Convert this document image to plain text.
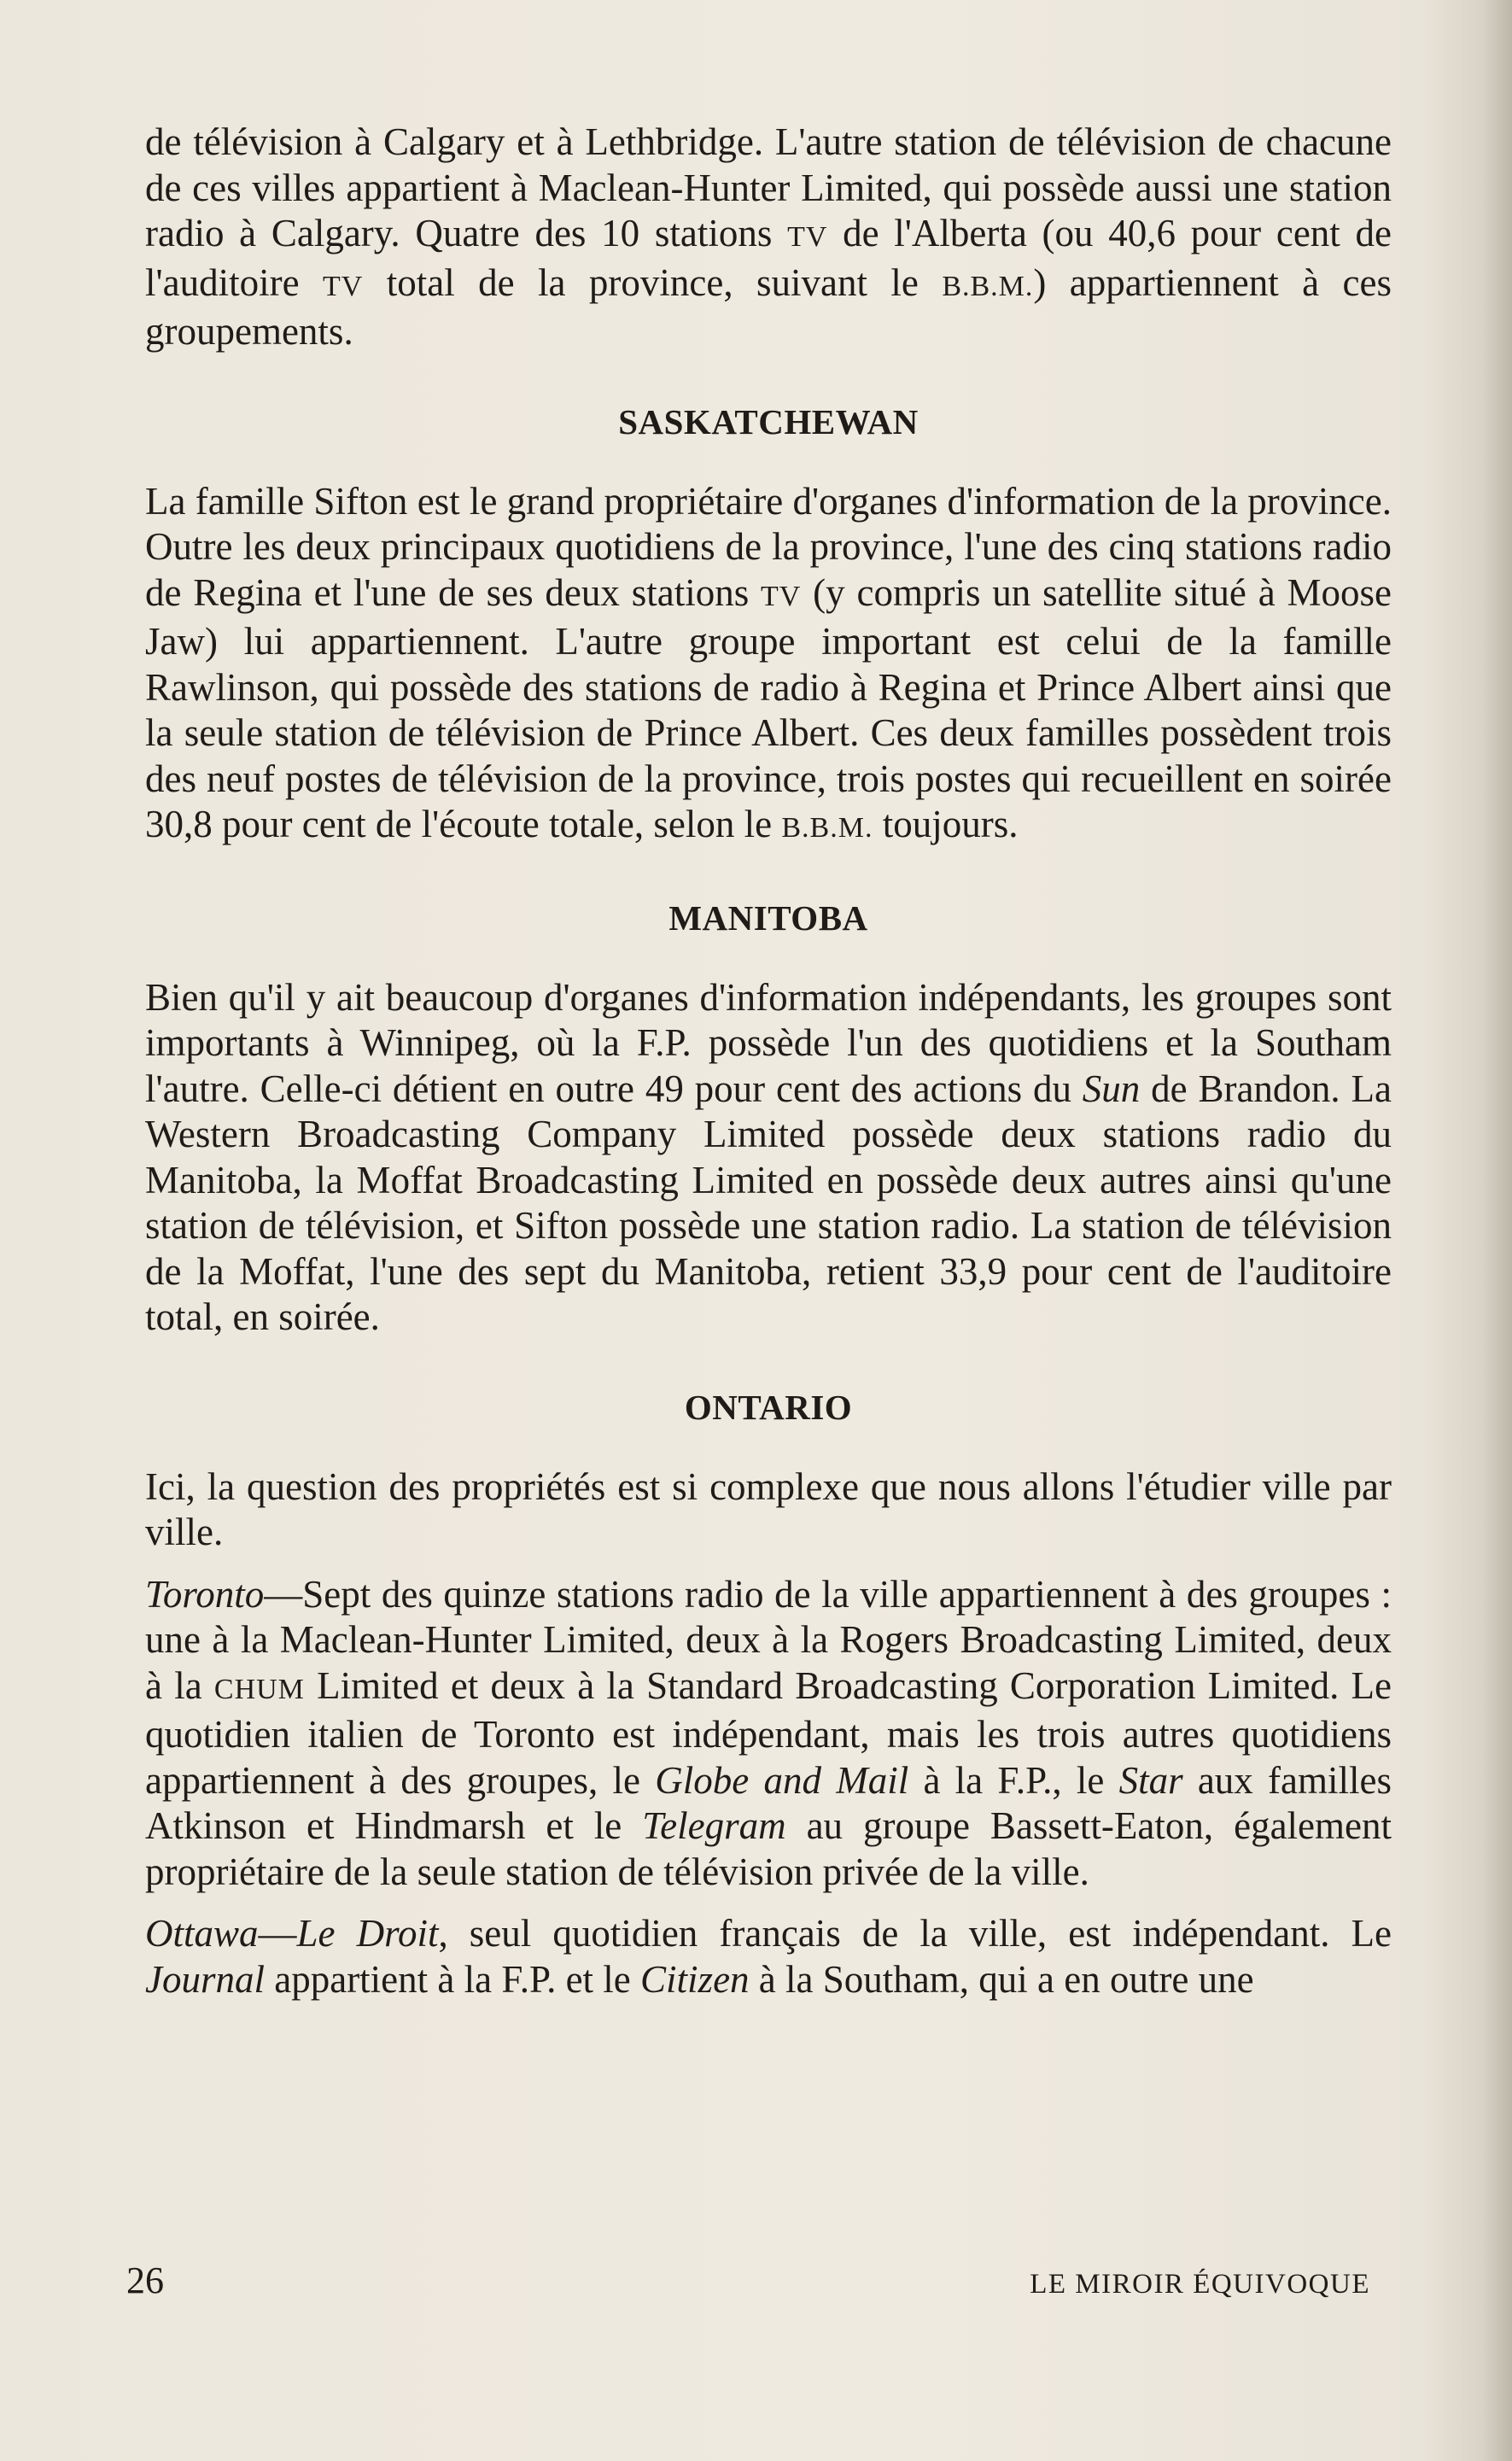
de télévision à Calgary et à Lethbridge. L'autre station de télévision de chacune de ces villes appartient à Maclean-Hunter Limited, qui possède aussi une station radio à Calgary. Quatre des 10 stations TV de l'Alberta (ou 40,6 pour cent de l'auditoire TV total de la province, suivant le B.B.M.) appartiennent à ces groupements.

SASKATCHEWAN

La famille Sifton est le grand propriétaire d'organes d'information de la province. Outre les deux principaux quotidiens de la province, l'une des cinq stations radio de Regina et l'une de ses deux stations TV (y compris un satellite situé à Moose Jaw) lui appartiennent. L'autre groupe important est celui de la famille Rawlinson, qui possède des stations de radio à Regina et Prince Albert ainsi que la seule station de télévision de Prince Albert. Ces deux familles possèdent trois des neuf postes de télévision de la province, trois postes qui recueillent en soirée 30,8 pour cent de l'écoute totale, selon le B.B.M. toujours.

MANITOBA

Bien qu'il y ait beaucoup d'organes d'information indépendants, les groupes sont importants à Winnipeg, où la F.P. possède l'un des quotidiens et la Southam l'autre. Celle-ci détient en outre 49 pour cent des actions du Sun de Brandon. La Western Broadcasting Company Limited possède deux stations radio du Manitoba, la Moffat Broadcasting Limited en possède deux autres ainsi qu'une station de télévision, et Sifton possède une station radio. La station de télévision de la Moffat, l'une des sept du Manitoba, retient 33,9 pour cent de l'auditoire total, en soirée.

ONTARIO

Ici, la question des propriétés est si complexe que nous allons l'étudier ville par ville.

Toronto—Sept des quinze stations radio de la ville appartiennent à des groupes : une à la Maclean-Hunter Limited, deux à la Rogers Broadcasting Limited, deux à la CHUM Limited et deux à la Standard Broadcasting Corporation Limited. Le quotidien italien de Toronto est indépendant, mais les trois autres quotidiens appartiennent à des groupes, le Globe and Mail à la F.P., le Star aux familles Atkinson et Hindmarsh et le Telegram au groupe Bassett-Eaton, également propriétaire de la seule station de télévision privée de la ville.

Ottawa—Le Droit, seul quotidien français de la ville, est indépendant. Le Journal appartient à la F.P. et le Citizen à la Southam, qui a en outre une

26	LE MIROIR ÉQUIVOQUE
